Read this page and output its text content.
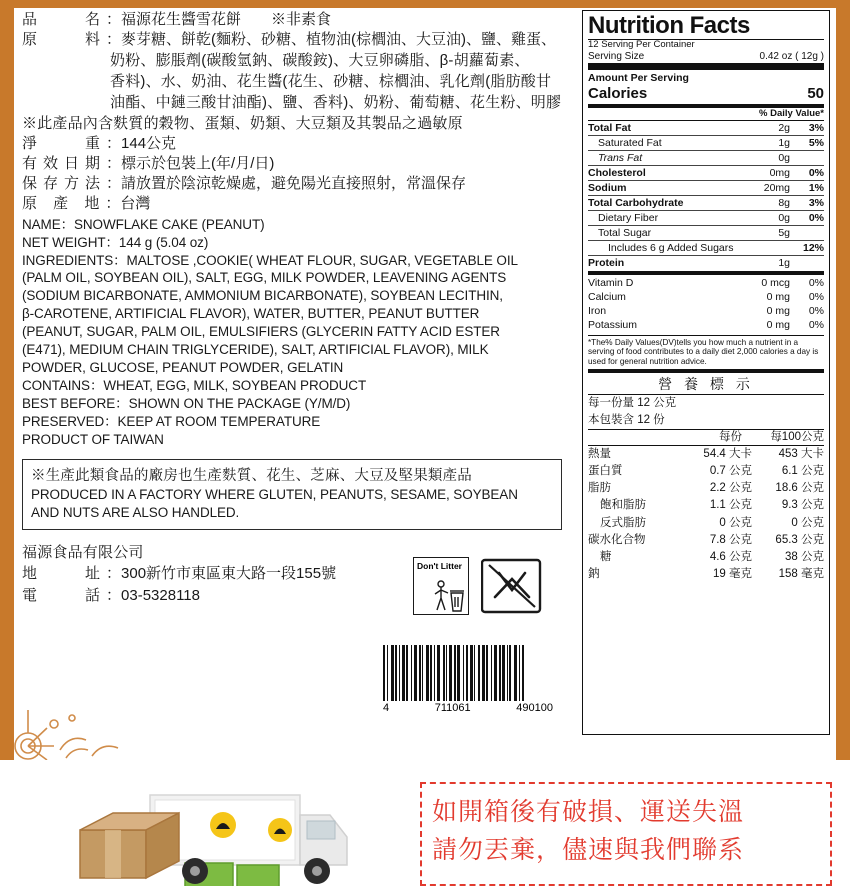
品　　名 ： 福源花生醬雪花餅　　※非素食
原　　料 ： 麥芽糖、餅乾(麵粉、砂糖、植物油(棕櫚油、大豆油)、鹽、雞蛋、
奶粉、膨脹劑(碳酸氫鈉、碳酸銨)、大豆卵磷脂、β-胡蘿蔔素、
香料)、水、奶油、花生醬(花生、砂糖、棕櫚油、乳化劑(脂肪酸甘
油酯、中鏈三酸甘油酯)、鹽、香料)、奶粉、葡萄糖、花生粉、明膠
※此產品內含麩質的穀物、蛋類、奶類、大豆類及其製品之過敏原
淨　　重 ： 144公克
有效日期 ： 標示於包裝上(年/月/日)
保存方法 ： 請放置於陰涼乾燥處，避免陽光直接照射，常溫保存
原 產 地 ： 台灣
NAME：SNOWFLAKE CAKE (PEANUT)
NET WEIGHT：144 g (5.04 oz)
INGREDIENTS：MALTOSE ,COOKIE( WHEAT FLOUR, SUGAR, VEGETABLE OIL
(PALM OIL, SOYBEAN OIL), SALT, EGG, MILK POWDER, LEAVENING AGENTS
(SODIUM BICARBONATE, AMMONIUM BICARBONATE), SOYBEAN LECITHIN,
β-CAROTENE, ARTIFICIAL FLAVOR), WATER, BUTTER, PEANUT BUTTER
(PEANUT, SUGAR, PALM OIL, EMULSIFIERS (GLYCERIN FATTY ACID ESTER
(E471), MEDIUM CHAIN TRIGLYCERIDE), SALT, ARTIFICIAL FLAVOR), MILK
POWDER, GLUCOSE, PEANUT POWDER, GELATIN
CONTAINS：WHEAT, EGG, MILK, SOYBEAN PRODUCT
BEST BEFORE：SHOWN ON THE PACKAGE (Y/M/D)
PRESERVED：KEEP AT ROOM TEMPERATURE
PRODUCT OF TAIWAN
※生產此類食品的廠房也生產麩質、花生、芝麻、大豆及堅果類產品
PRODUCED IN A FACTORY WHERE GLUTEN, PEANUTS, SESAME, SOYBEAN
AND NUTS ARE ALSO HANDLED.
福源食品有限公司
地　　址 ： 300新竹市東區東大路一段155號
電　　話 ： 03-5328118
Don't Litter
4	711061	490100
Nutrition Facts
12 Serving Per Container
Serving Size	0.42 oz ( 12g )
Amount Per Serving
Calories	50
% Daily Value*
Total Fat	2g	3%
Saturated Fat	1g	5%
Trans Fat	0g
Cholesterol	0mg	0%
Sodium	20mg	1%
Total Carbohydrate	8g	3%
Dietary Fiber	0g	0%
Total Sugar	5g
Includes 6 g Added Sugars	12%
Protein	1g
Vitamin D	0 mcg	0%
Calcium	0 mg	0%
Iron	0 mg	0%
Potassium	0 mg	0%
*The% Daily Values(DV)tells you how much a nutrient in a serving of food contributes to a daily diet 2,000 calories a day is used for general nutrition advice.
營 養 標 示
每一份量 12 公克
本包裝含 12 份
每份	每100公克
熱量	54.4 大卡	453 大卡
蛋白質	0.7 公克	6.1 公克
脂肪	2.2 公克	18.6 公克
飽和脂肪	1.1 公克	9.3 公克
反式脂肪	0 公克	0 公克
碳水化合物	7.8 公克	65.3 公克
糖	4.6 公克	38 公克
鈉	19 毫克	158 毫克
如開箱後有破損、運送失溫
請勿丟棄，儘速與我們聯系
